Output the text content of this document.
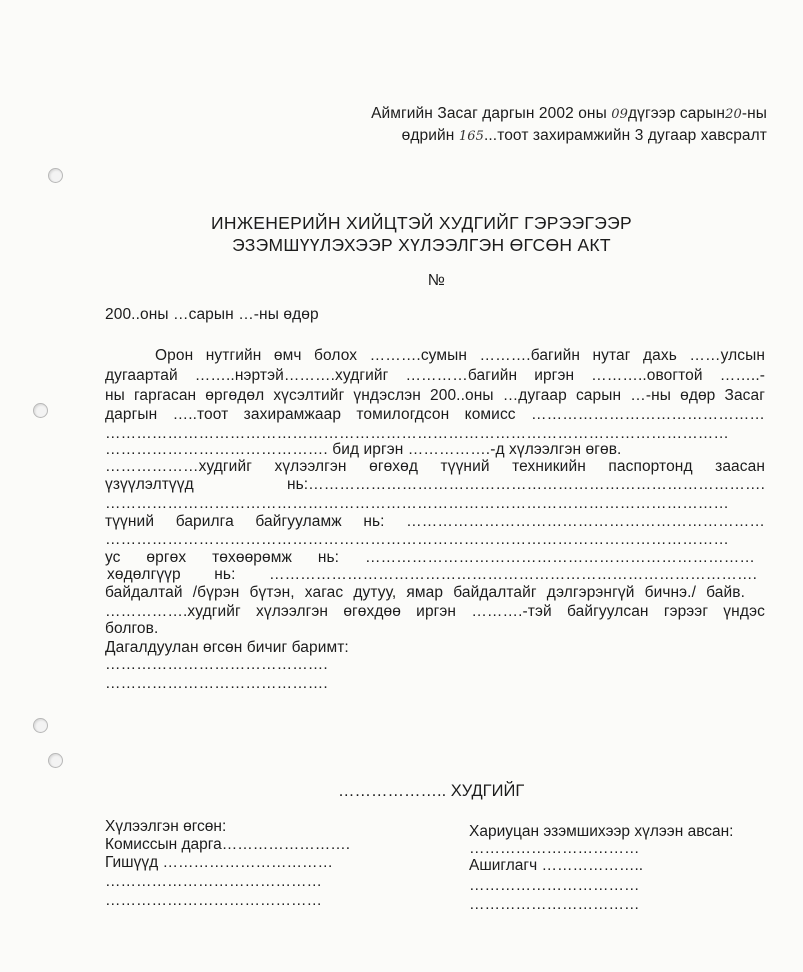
Аймгийн Засаг даргын 2002 оны 09дүгээр сарын20-ны
өдрийн 165...тоот захирамжийн 3 дугаар хавсралт
ИНЖЕНЕРИЙН ХИЙЦТЭЙ ХУДГИЙГ ГЭРЭЭГЭЭР
ЭЗЭМШҮҮЛЭХЭЭР ХҮЛЭЭЛГЭН ӨГСӨН АКТ
№
200..оны …сарын …-ны өдөр
Орон нутгийн өмч болох ……….сумын ……….багийн нутаг дахь ……улсын
дугаартай ……..нэртэй……….худгийг …………багийн иргэн ………..овогтой ……..-
ны гаргасан өргөдөл хүсэлтийг үндэслэн 200..оны …дугаар сарын …-ны өдөр Засаг
даргын …..тоот захирамжаар томилогдсон комисс ………………………………………
…………………………………………………………………………………………………………
……………………………………. бид иргэн …………….-д хүлээлгэн өгөв.
………………худгийг хүлээлгэн өгөхөд түүний техникийн паспортонд заасан
үзүүлэлтүүд нь:…………………………………………………………………………….
…………………………………………………………………………………………………………
түүний барилга байгууламж нь: ……………………………………………………………
…………………………………………………………………………………………………………
ус өргөх төхөөрөмж нь: …………………………………………………………………
хөдөлгүүр нь: ………………………………………………………………………………….
байдалтай /бүрэн бүтэн, хагас дутуу, ямар байдалтайг дэлгэрэнгүй бичнэ./ байв.
…………….худгийг хүлээлгэн өгөхдөө иргэн ……….-тэй байгуулсан гэрээг үндэс
болгов.
Дагалдуулан өгсөн бичиг баримт:
…………………………………….
…………………………………….
……………….. ХУДГИЙГ
Хүлээлгэн өгсөн:
Комиссын дарга…………………….
Гишүүд ……………………………
……………………………………
……………………………………
Хариуцан эзэмшихээр хүлээн авсан:
……………………………
Ашиглагч ………………..
……………………………
……………………………
